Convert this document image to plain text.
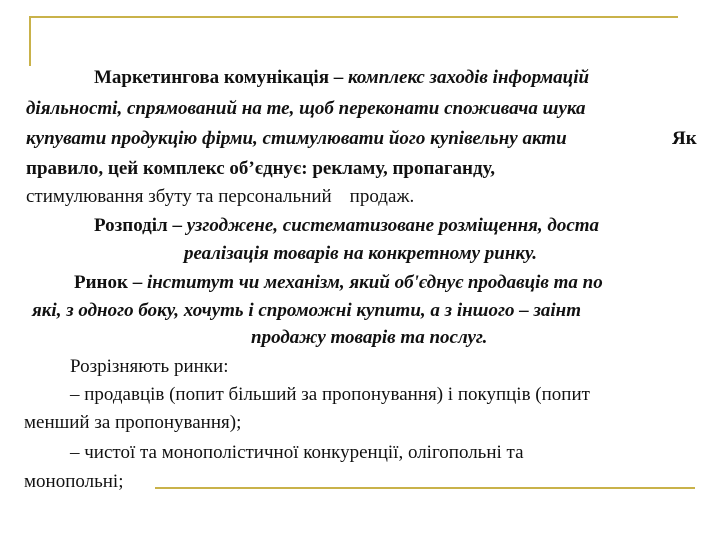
Маркетингова комунікація – комплекс заходів інформацій
діяльності, спрямований на те, щоб переконати споживача шука
купувати продукцію фірми, стимулювати його купівельну акти	Як
правило, цей комплекс об’єднує: рекламу, пропаганду,
стимулювання збуту та персональний продаж.
Розподіл – узгоджене, систематизоване розміщення, доста
реалізація товарів на конкретному ринку.
Ринок – інститут чи механізм, який об'єднує продавців та по
які, з одного боку, хочуть і спроможні купити, а з іншого – заінт
продажу товарів та послуг.
Розрізняють ринки:
– продавців (попит більший за пропонування) і покупців (попит
менший за пропонування);
– чистої та монополістичної конкуренції, олігопольні та
монопольні;
